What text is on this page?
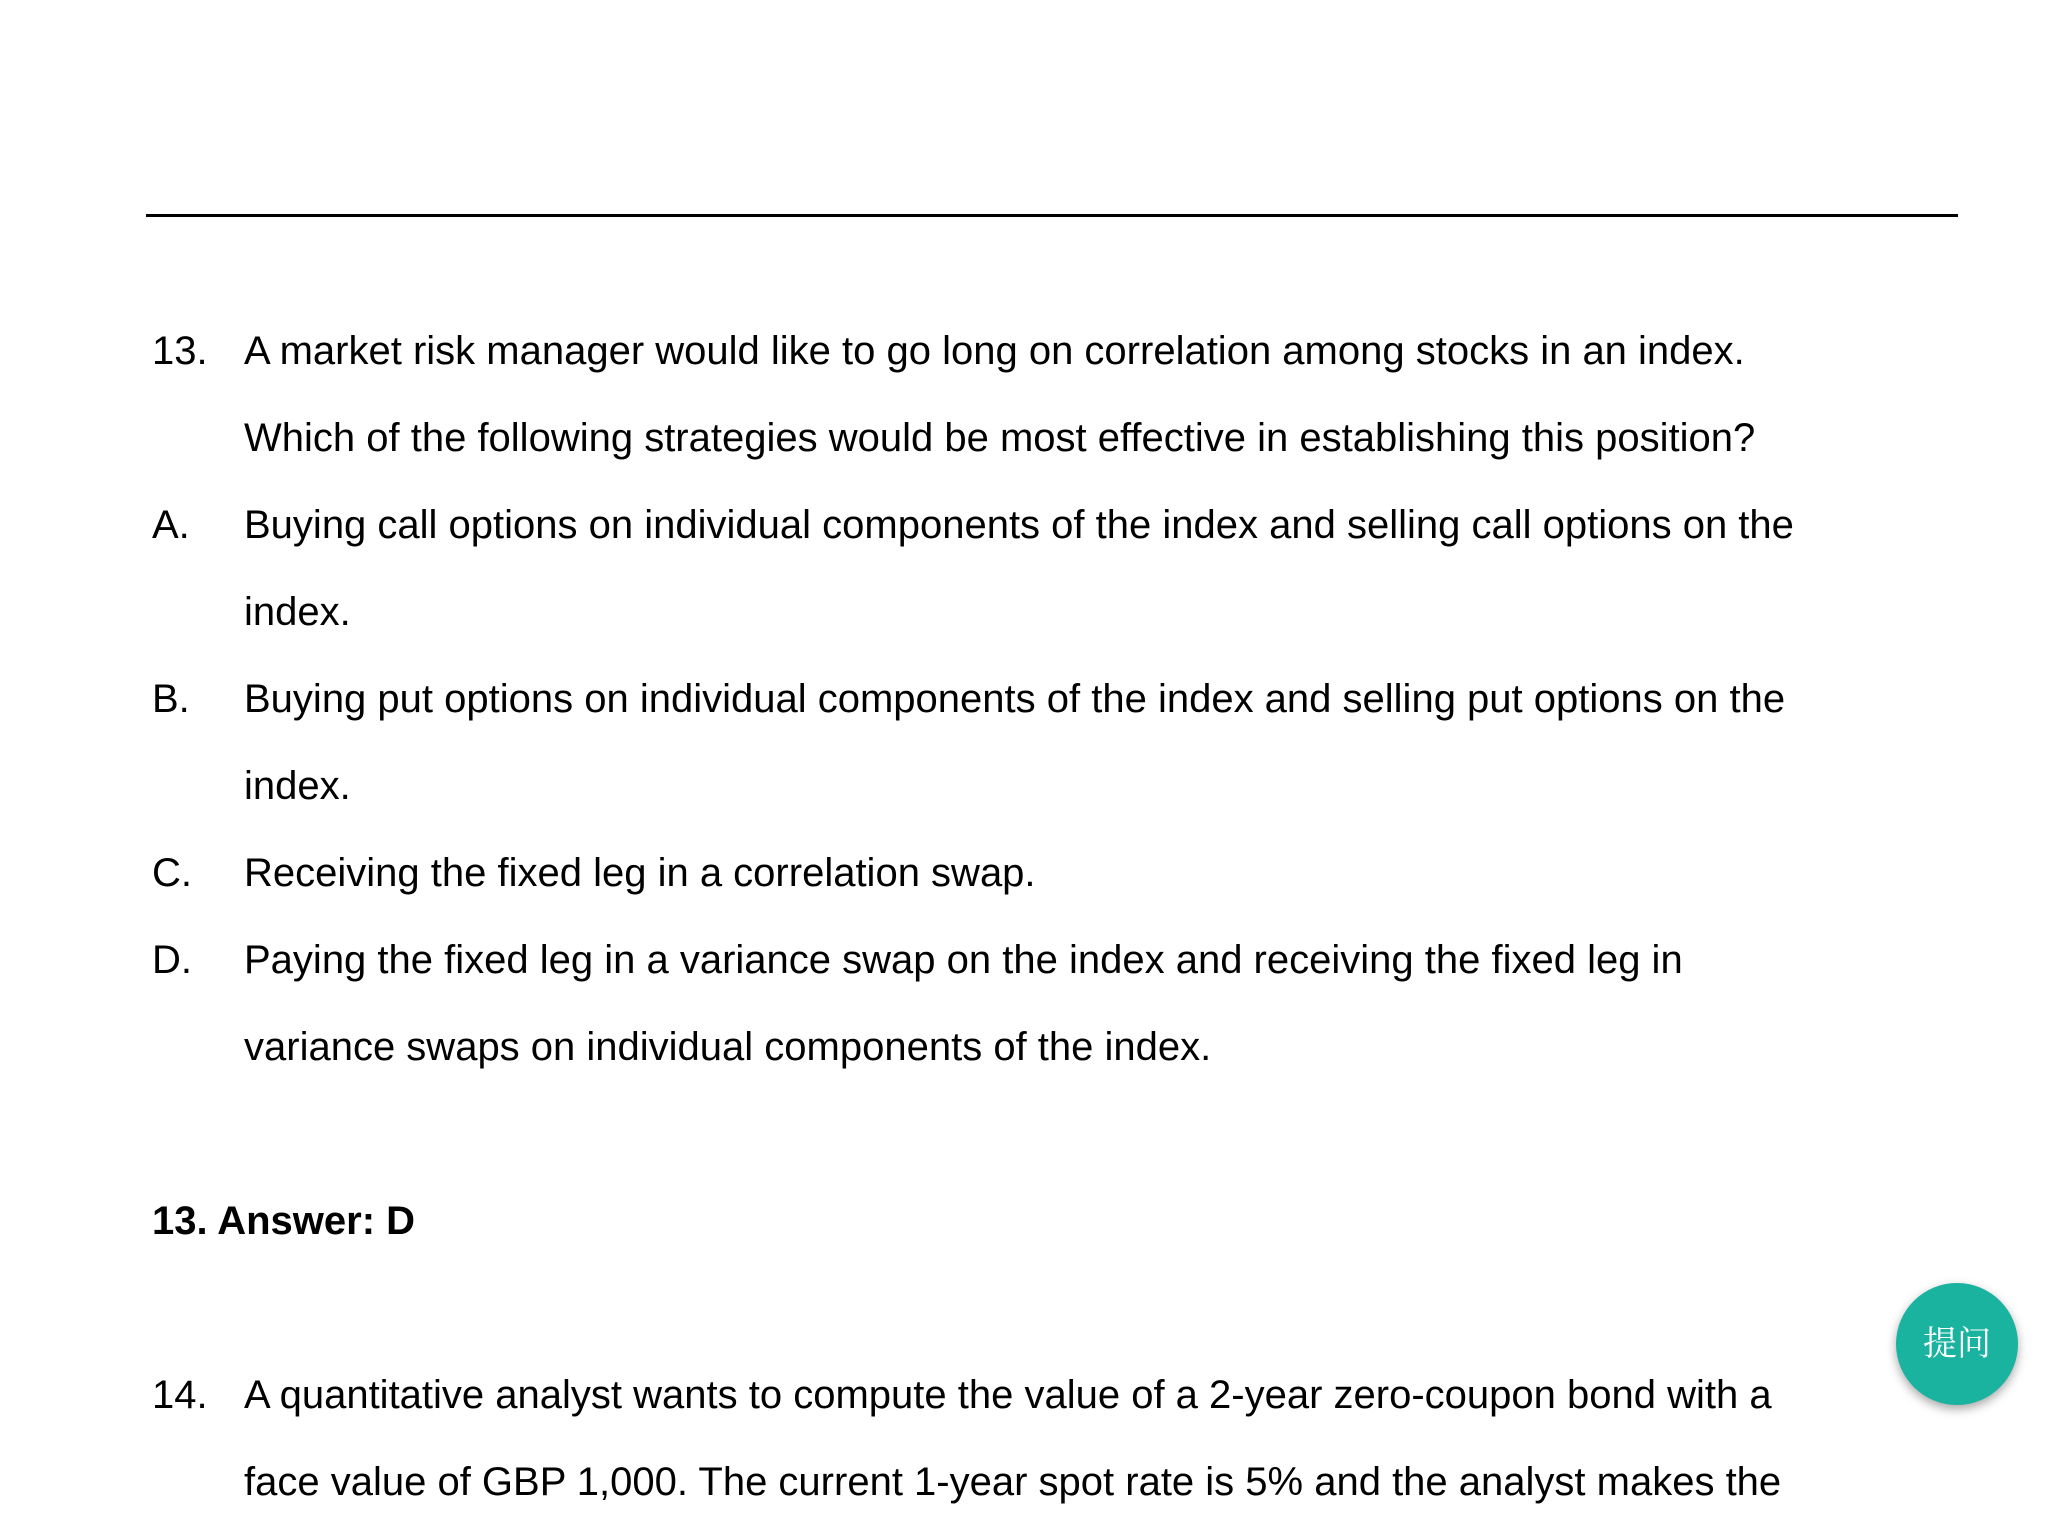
13. A market risk manager would like to go long on correlation among stocks in an index.
Which of the following strategies would be most effective in establishing this position?
A. Buying call options on individual components of the index and selling call options on the
index.
B. Buying put options on individual components of the index and selling put options on the
index.
C. Receiving the fixed leg in a correlation swap.
D. Paying the fixed leg in a variance swap on the index and receiving the fixed leg in
variance swaps on individual components of the index.
13. Answer: D
14. A quantitative analyst wants to compute the value of a 2-year zero-coupon bond with a
face value of GBP 1,000. The current 1-year spot rate is 5% and the analyst makes the
提问
